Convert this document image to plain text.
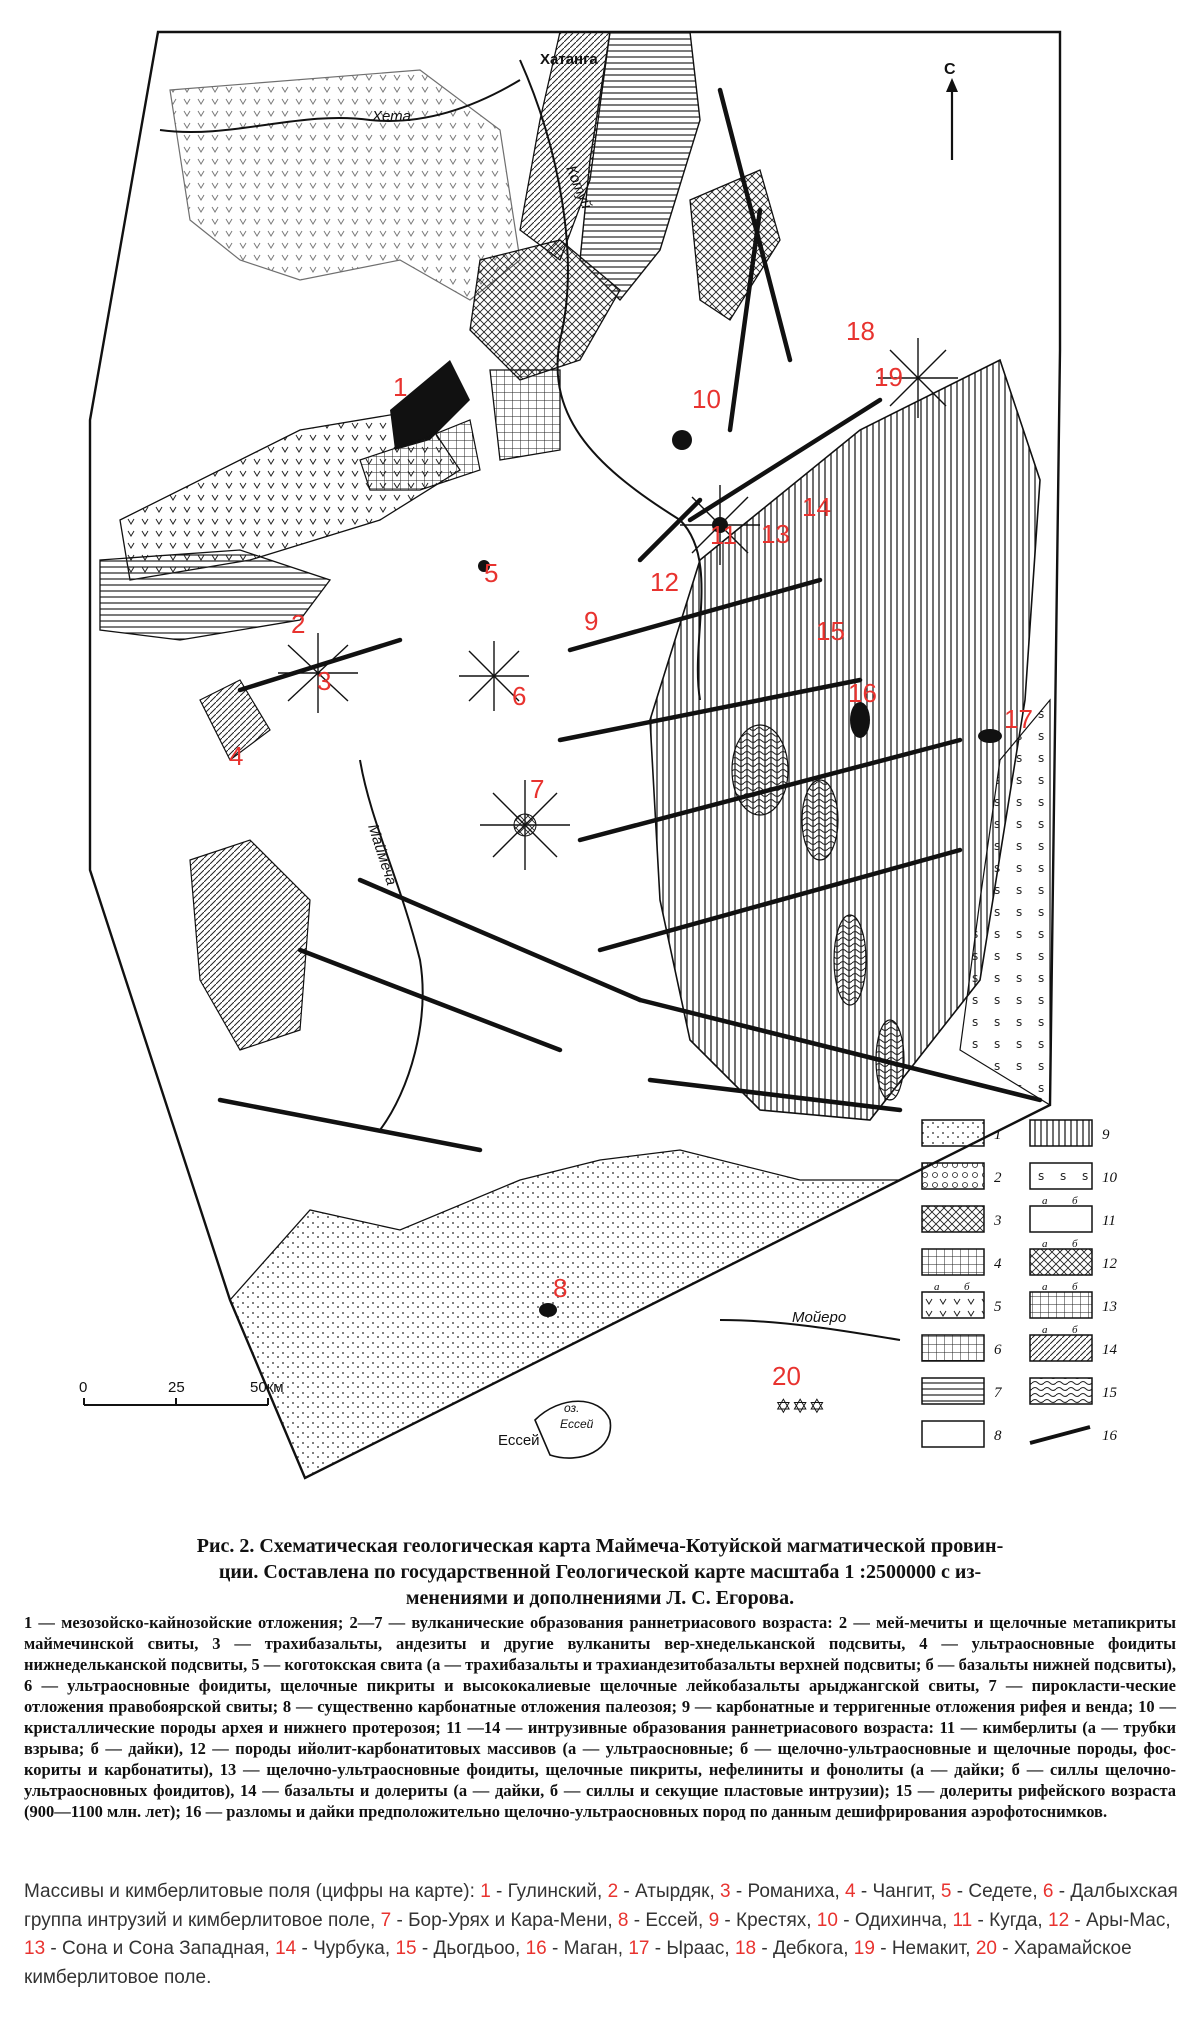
✡✡✡
Хета
Хатанга
Котуй
Маймеча
Мойеро
Ессей
оз.
Ессей
С
0	25	50км
1
2
3
4
5
6
7
8
9
10
11
12
13
14
15
16
17
18
19
20
1
2
3
4
5
а б
6
7
8
9
10
11
а б
12
а б
13
а б
14
а б
15
16
Рис. 2. Схематическая геологическая карта Маймеча-Котуйской магматической провин-
ции. Составлена по государственной Геологической карте масштаба 1 :2500000 с из-
менениями и дополнениями Л. С. Егорова.
1 — мезозойско-кайнозойские отложения; 2—7 — вулканические образования раннетриасового возраста: 2 — мей-мечиты и щелочные метапикриты маймечинской свиты, 3 — трахибазальты, андезиты и другие вулканиты вер-хнедельканской подсвиты, 4 — ультраосновные фоидиты нижнедельканской подсвиты, 5 — коготокская свита (а — трахибазальты и трахиандезитобазальты верхней подсвиты; б — базальты нижней подсвиты), 6 — ультраосновные фоидиты, щелочные пикриты и высококалиевые щелочные лейкобазальты арыджангской свиты, 7 — пирокласти-ческие отложения правобоярской свиты; 8 — существенно карбонатные отложения палеозоя; 9 — карбонатные и терригенные отложения рифея и венда; 10 — кристаллические породы архея и нижнего протерозоя; 11 —14 — интрузивные образования раннетриасового возраста: 11 — кимберлиты (а — трубки взрыва; б — дайки), 12 — породы ийолит-карбонатитовых массивов (а — ультраосновные; б — щелочно-ультраосновные и щелочные породы, фос-кориты и карбонатиты), 13 — щелочно-ультраосновные фоидиты, щелочные пикриты, нефелиниты и фонолиты (а — дайки; б — силлы щелочно-ультраосновных фоидитов), 14 — базальты и долериты (а — дайки, б — силлы и секущие пластовые интрузии); 15 — долериты рифейского возраста (900—1100 млн. лет); 16 — разломы и дайки предположительно щелочно-ультраосновных пород по данным дешифрирования аэрофотоснимков.
Массивы и кимберлитовые поля (цифры на карте): 1 - Гулинский, 2 - Атырдяк, 3 - Романиха, 4 - Чангит, 5 - Седете, 6 - Далбыхская группа интрузий и кимберлитовое поле, 7 - Бор-Урях и Кара-Мени, 8 - Ессей, 9 - Крестях, 10 - Одихинча, 11 - Кугда, 12 - Ары-Мас, 13 - Сона и Сона Западная, 14 - Чурбука, 15 - Дьогдьоо, 16 - Маган, 17 - Ыраас, 18 - Дебкога, 19 - Немакит, 20 - Харамайское кимберлитовое поле.
